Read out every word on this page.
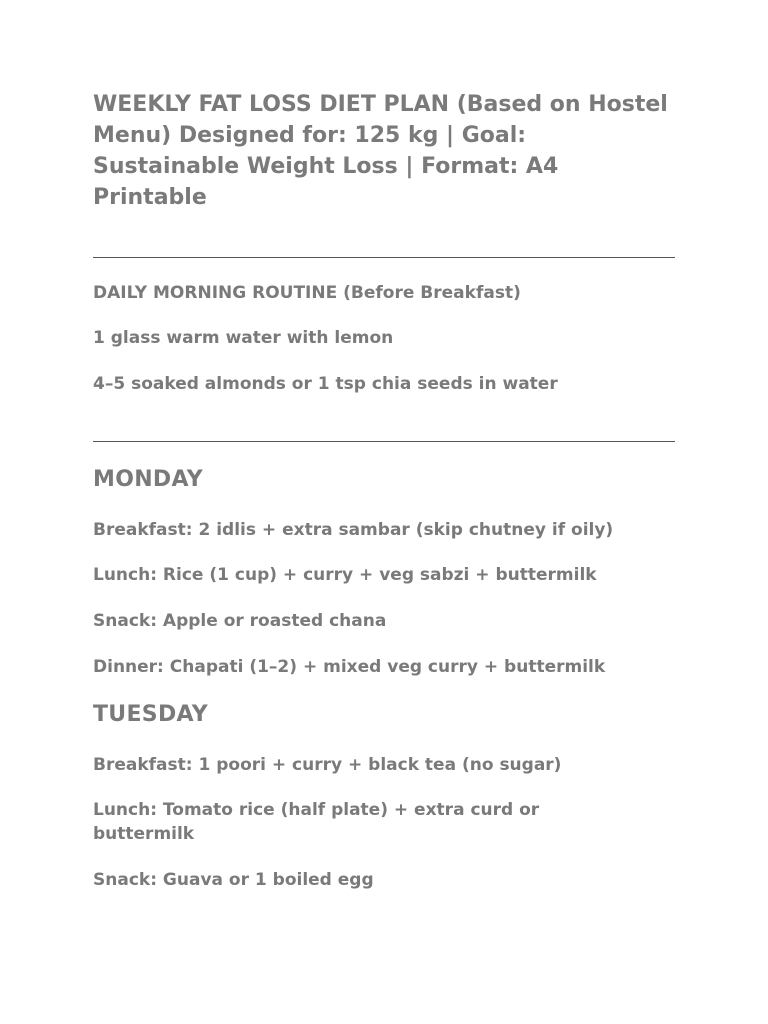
WEEKLY FAT LOSS DIET PLAN (Based on Hostel Menu) Designed for: 125 kg | Goal: Sustainable Weight Loss | Format: A4 Printable

DAILY MORNING ROUTINE (Before Breakfast)

1 glass warm water with lemon

4–5 soaked almonds or 1 tsp chia seeds in water

MONDAY

Breakfast: 2 idlis + extra sambar (skip chutney if oily)

Lunch: Rice (1 cup) + curry + veg sabzi + buttermilk

Snack: Apple or roasted chana

Dinner: Chapati (1–2) + mixed veg curry + buttermilk

TUESDAY

Breakfast: 1 poori + curry + black tea (no sugar)

Lunch: Tomato rice (half plate) + extra curd or buttermilk

Snack: Guava or 1 boiled egg
